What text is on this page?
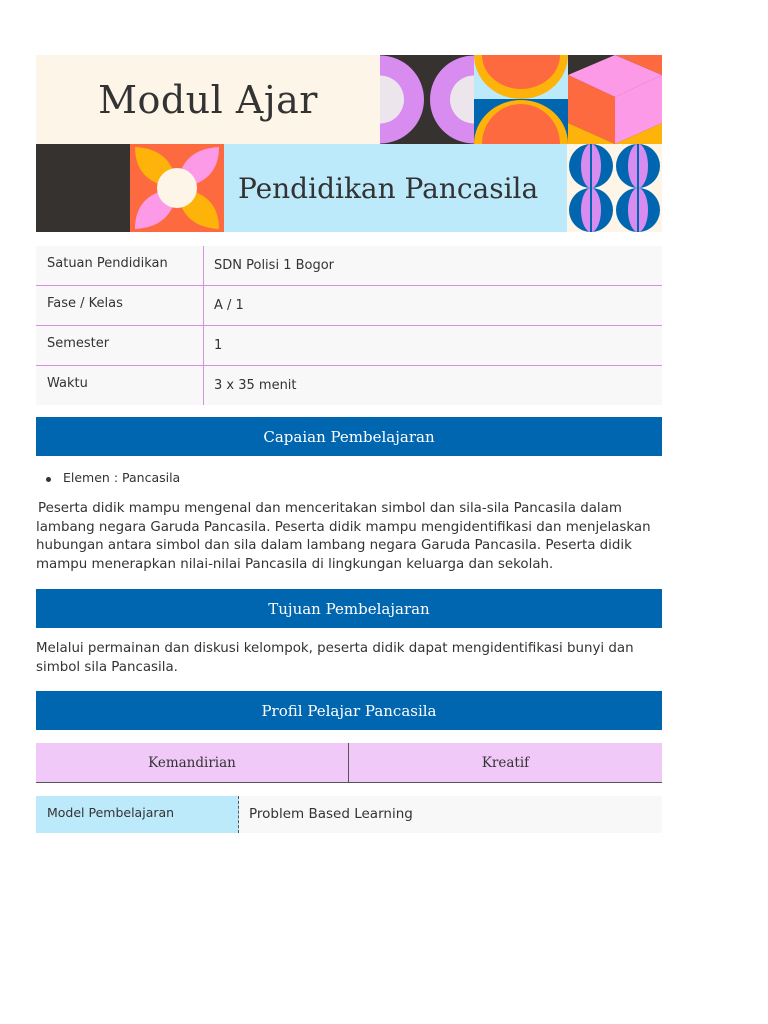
Modul Ajar
Pendidikan Pancasila
Satuan Pendidikan	SDN Polisi 1 Bogor
Fase / Kelas	A / 1
Semester	1
Waktu	3 x 35 menit
Capaian Pembelajaran
Elemen : Pancasila
Peserta didik mampu mengenal dan menceritakan simbol dan sila-sila Pancasila dalam lambang negara Garuda Pancasila. Peserta didik mampu mengidentifikasi dan menjelaskan hubungan antara simbol dan sila dalam lambang negara Garuda Pancasila. Peserta didik mampu menerapkan nilai-nilai Pancasila di lingkungan keluarga dan sekolah.
Tujuan Pembelajaran
Melalui permainan dan diskusi kelompok, peserta didik dapat mengidentifikasi bunyi dan simbol sila Pancasila.
Profil Pelajar Pancasila
Kemandirian	Kreatif
Model Pembelajaran	Problem Based Learning
